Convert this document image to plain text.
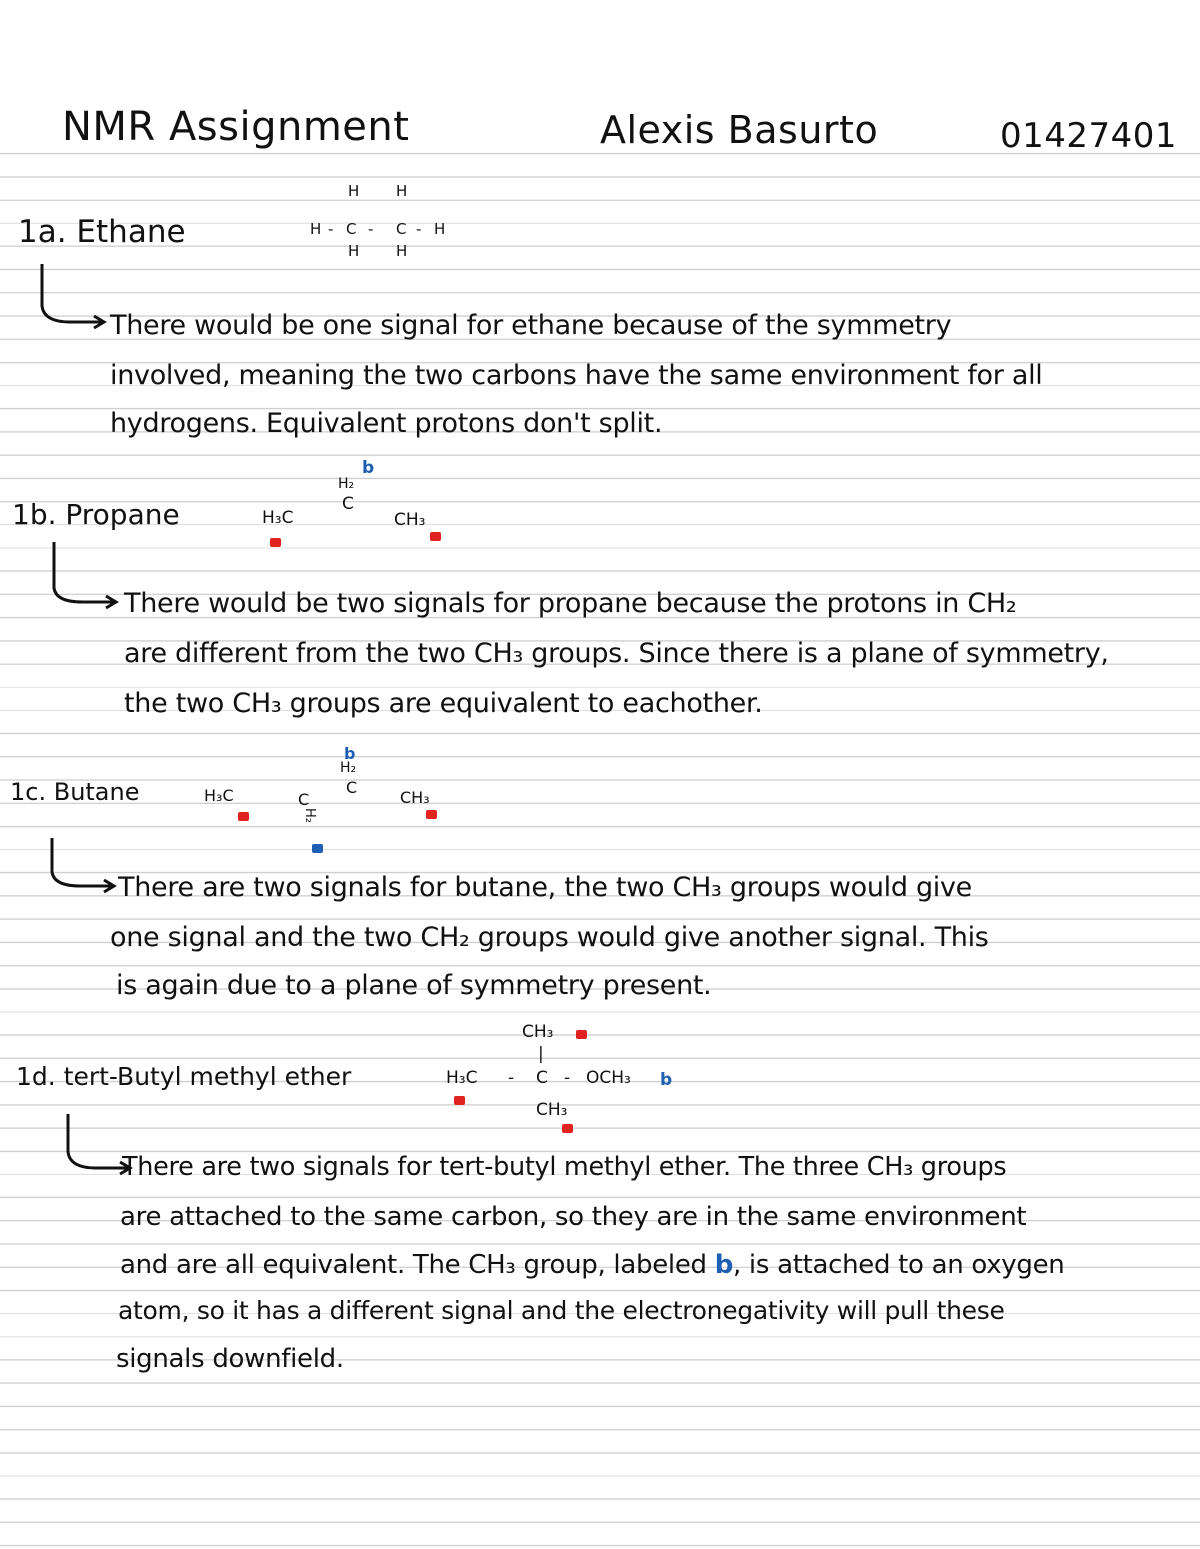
NMR Assignment	Alexis Basurto	01427401
1a. Ethane
H H
H - C - C - H
H H
There would be one signal for ethane because of the symmetry
involved, meaning the two carbons have the same environment for all
hydrogens. Equivalent protons don't split.
1b. Propane
b
H₂
C
H₃C	CH₃
There would be two signals for propane because the protons in CH₂
are different from the two CH₃ groups. Since there is a plane of symmetry,
the two CH₃ groups are equivalent to eachother.
1c. Butane
b
H₂
C
H₃C	C	CH₃
H₂
There are two signals for butane, the two CH₃ groups would give
one signal and the two CH₂ groups would give another signal. This
is again due to a plane of symmetry present.
1d. tert-Butyl methyl ether
CH₃
|
H₃C - C - OCH₃ b
CH₃
There are two signals for tert-butyl methyl ether. The three CH₃ groups
are attached to the same carbon, so they are in the same environment
and are all equivalent. The CH₃ group, labeled b, is attached to an oxygen
atom, so it has a different signal and the electronegativity will pull these
signals downfield.
